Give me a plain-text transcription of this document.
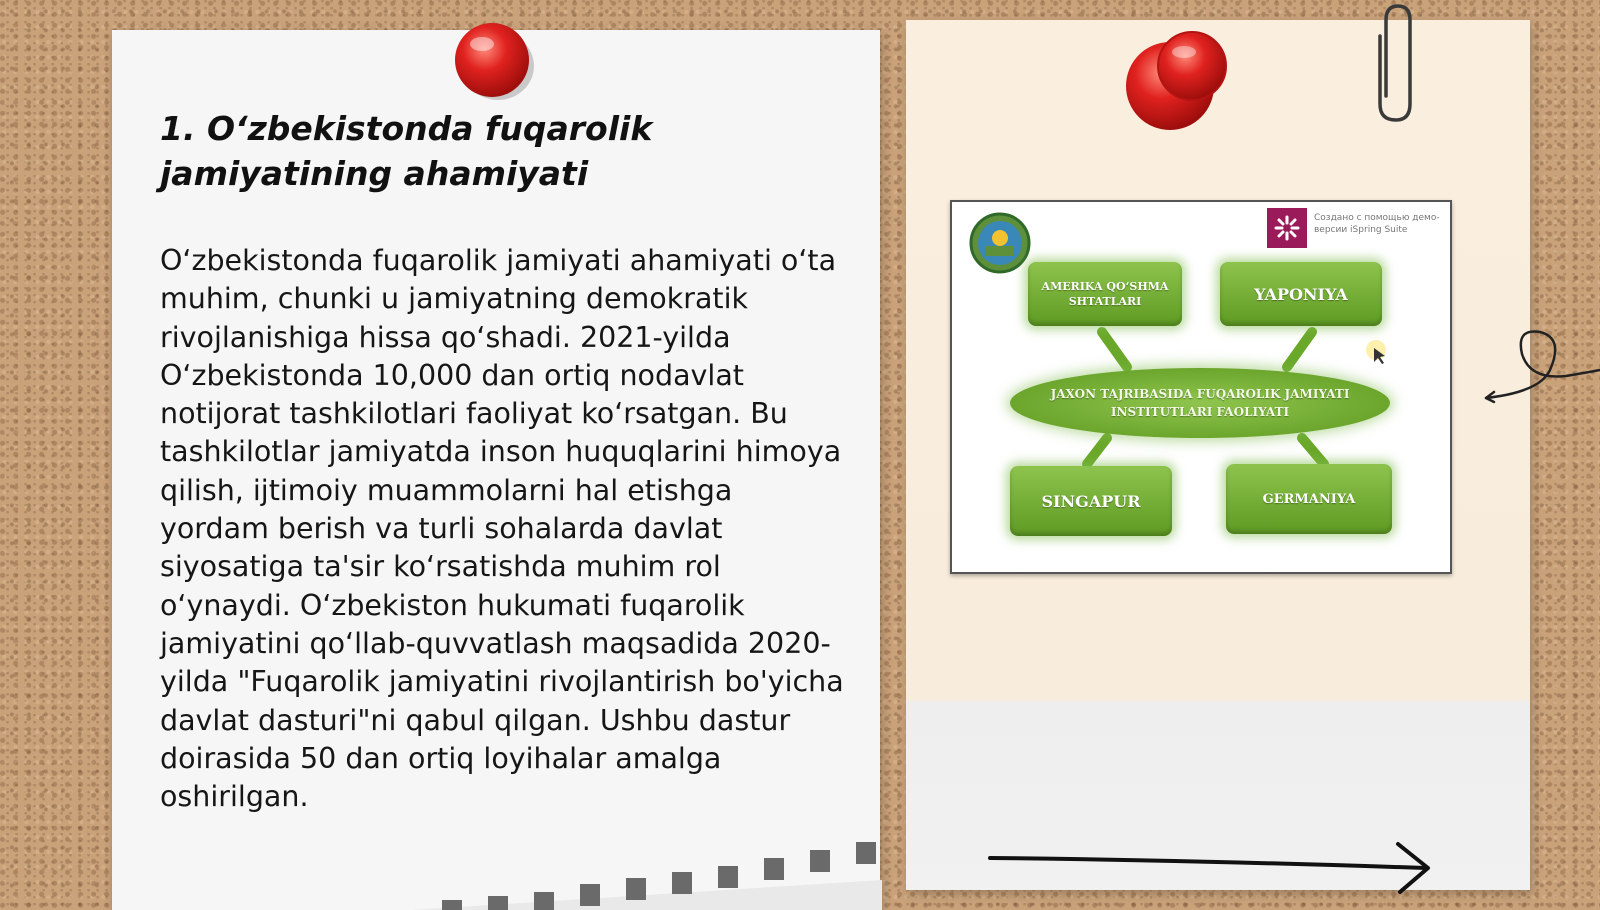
1. O‘zbekistonda fuqarolik jamiyatining ahamiyati

O‘zbekistonda fuqarolik jamiyati ahamiyati o‘ta muhim, chunki u jamiyatning demokratik rivojlanishiga hissa qo‘shadi. 2021-yilda O‘zbekistonda 10,000 dan ortiq nodavlat notijorat tashkilotlari faoliyat ko‘rsatgan. Bu tashkilotlar jamiyatda inson huquqlarini himoya qilish, ijtimoiy muammolarni hal etishga yordam berish va turli sohalarda davlat siyosatiga ta'sir ko‘rsatishda muhim rol o‘ynaydi. O‘zbekiston hukumati fuqarolik jamiyatini qo‘llab-quvvatlash maqsadida 2020-yilda "Fuqarolik jamiyatini rivojlantirish bo'yicha davlat dasturi"ni qabul qilgan. Ushbu dastur doirasida 50 dan ortiq loyihalar amalga oshirilgan.

Создано с помощью демо-версии iSpring Suite
AMERIKA QO‘SHMA SHTATLARI	YAPONIYA
JAXON TAJRIBASIDA FUQAROLIK JAMIYATI INSTITUTLARI FAOLIYATI
SINGAPUR	GERMANIYA
